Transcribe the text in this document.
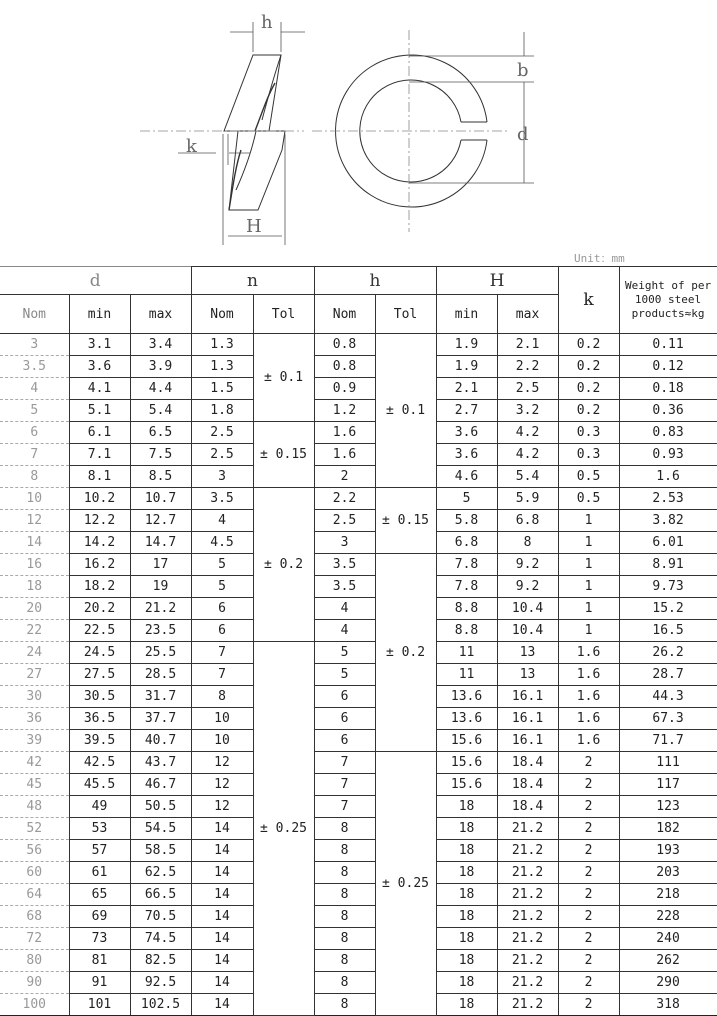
h
k
H
b
d
Unit：mm
d			n		h		H		k	Weight of per
1000 steel
products≈kg
Nom	min	max	Nom	Tol	Nom	Tol	min	max		
3	3.1	3.4	1.3	± 0.1	0.8	± 0.1	1.9	2.1	0.2	0.11
3.5	3.6	3.9	1.3		0.8		1.9	2.2	0.2	0.12
4	4.1	4.4	1.5		0.9		2.1	2.5	0.2	0.18
5	5.1	5.4	1.8		1.2		2.7	3.2	0.2	0.36
6	6.1	6.5	2.5	± 0.15	1.6		3.6	4.2	0.3	0.83
7	7.1	7.5	2.5		1.6		3.6	4.2	0.3	0.93
8	8.1	8.5	3		2		4.6	5.4	0.5	1.6
10	10.2	10.7	3.5	± 0.2	2.2	± 0.15	5	5.9	0.5	2.53
12	12.2	12.7	4		2.5		5.8	6.8	1	3.82
14	14.2	14.7	4.5		3		6.8	8	1	6.01
16	16.2	17	5		3.5	± 0.2	7.8	9.2	1	8.91
18	18.2	19	5		3.5		7.8	9.2	1	9.73
20	20.2	21.2	6		4		8.8	10.4	1	15.2
22	22.5	23.5	6		4		8.8	10.4	1	16.5
24	24.5	25.5	7	± 0.25	5		11	13	1.6	26.2
27	27.5	28.5	7		5		11	13	1.6	28.7
30	30.5	31.7	8		6		13.6	16.1	1.6	44.3
36	36.5	37.7	10		6		13.6	16.1	1.6	67.3
39	39.5	40.7	10		6		15.6	16.1	1.6	71.7
42	42.5	43.7	12		7	± 0.25	15.6	18.4	2	111
45	45.5	46.7	12		7		15.6	18.4	2	117
48	49	50.5	12		7		18	18.4	2	123
52	53	54.5	14		8		18	21.2	2	182
56	57	58.5	14		8		18	21.2	2	193
60	61	62.5	14		8		18	21.2	2	203
64	65	66.5	14		8		18	21.2	2	218
68	69	70.5	14		8		18	21.2	2	228
72	73	74.5	14		8		18	21.2	2	240
80	81	82.5	14		8		18	21.2	2	262
90	91	92.5	14		8		18	21.2	2	290
100	101	102.5	14		8		18	21.2	2	318
